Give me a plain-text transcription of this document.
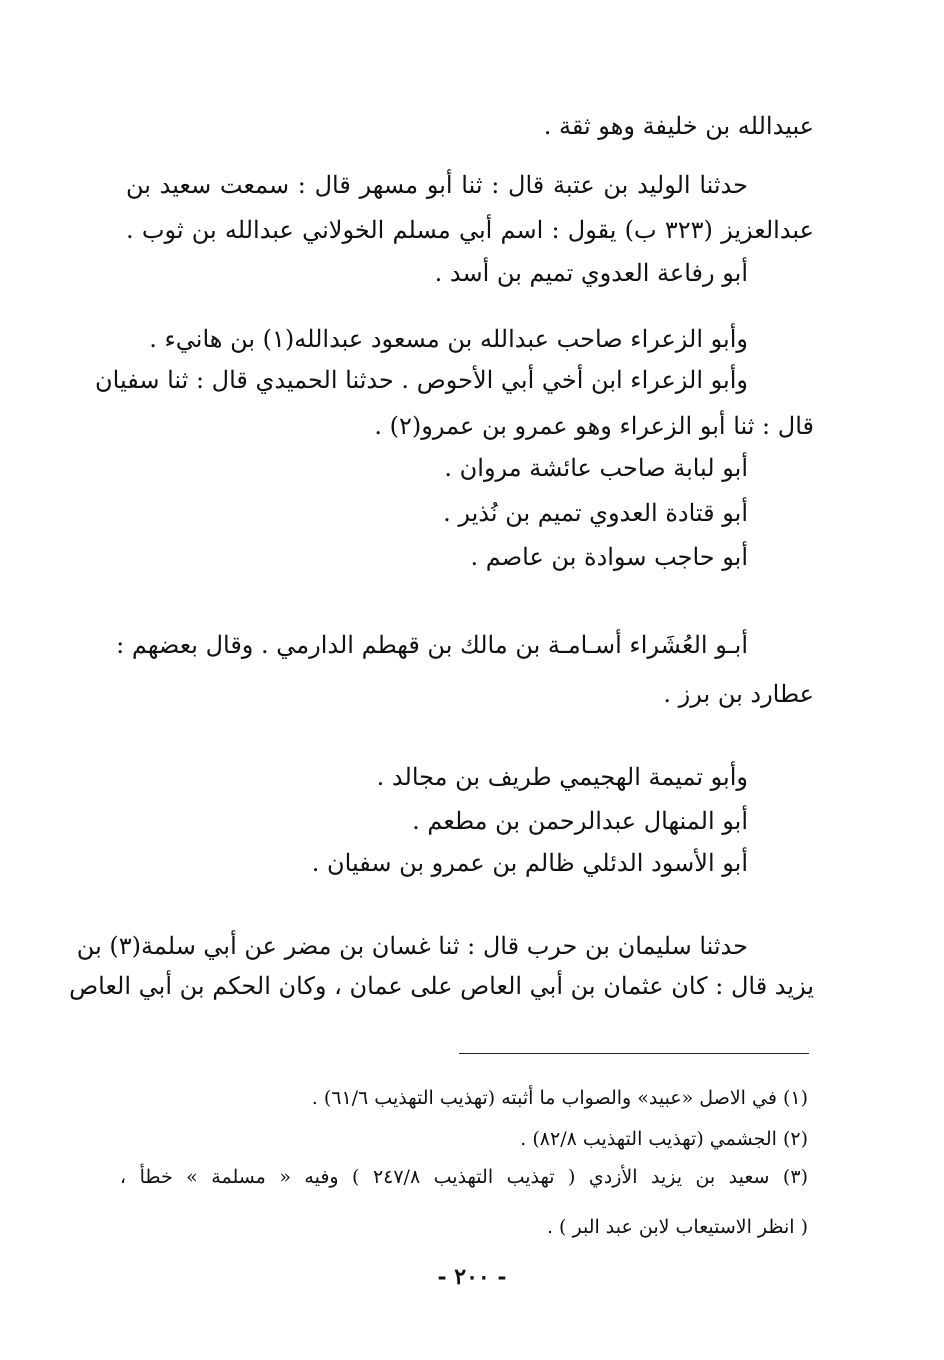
عبيدالله بن خليفة وهو ثقة .
حدثنا الوليد بن عتبة قال : ثنا أبو مسهر قال : سمعت سعيد بن
عبدالعزيز (٣٢٣ ب) يقول : اسم أبي مسلم الخولاني عبدالله بن ثوب .
أبو رفاعة العدوي تميم بن أسد .
وأبو الزعراء صاحب عبدالله بن مسعود عبدالله(١) بن هانيء .
وأبو الزعراء ابن أخي أبي الأحوص . حدثنا الحميدي قال : ثنا سفيان
قال : ثنا أبو الزعراء وهو عمرو بن عمرو(٢) .
أبو لبابة صاحب عائشة مروان .
أبو قتادة العدوي تميم بن نُذير .
أبو حاجب سوادة بن عاصم .
أبـو العُشَراء أسـامـة بن مالك بن قهطم الدارمي . وقال بعضهم :
عطارد بن برز .
وأبو تميمة الهجيمي طريف بن مجالد .
أبو المنهال عبدالرحمن بن مطعم .
أبو الأسود الدئلي ظالم بن عمرو بن سفيان .
حدثنا سليمان بن حرب قال : ثنا غسان بن مضر عن أبي سلمة(٣) بن
يزيد قال : كان عثمان بن أبي العاص على عمان ، وكان الحكم بن أبي العاص
(١) في الاصل «عبيد» والصواب ما أثبته (تهذيب التهذيب ٦١/٦) .
(٢) الجشمي (تهذيب التهذيب ٨٢/٨) .
(٣) سعيد بن يزيد الأزدي ( تهذيب التهذيب ٢٤٧/٨ ) وفيه « مسلمة » خطأ ،
( انظر الاستيعاب لابن عبد البر ) .
- ٢٠٠ -
